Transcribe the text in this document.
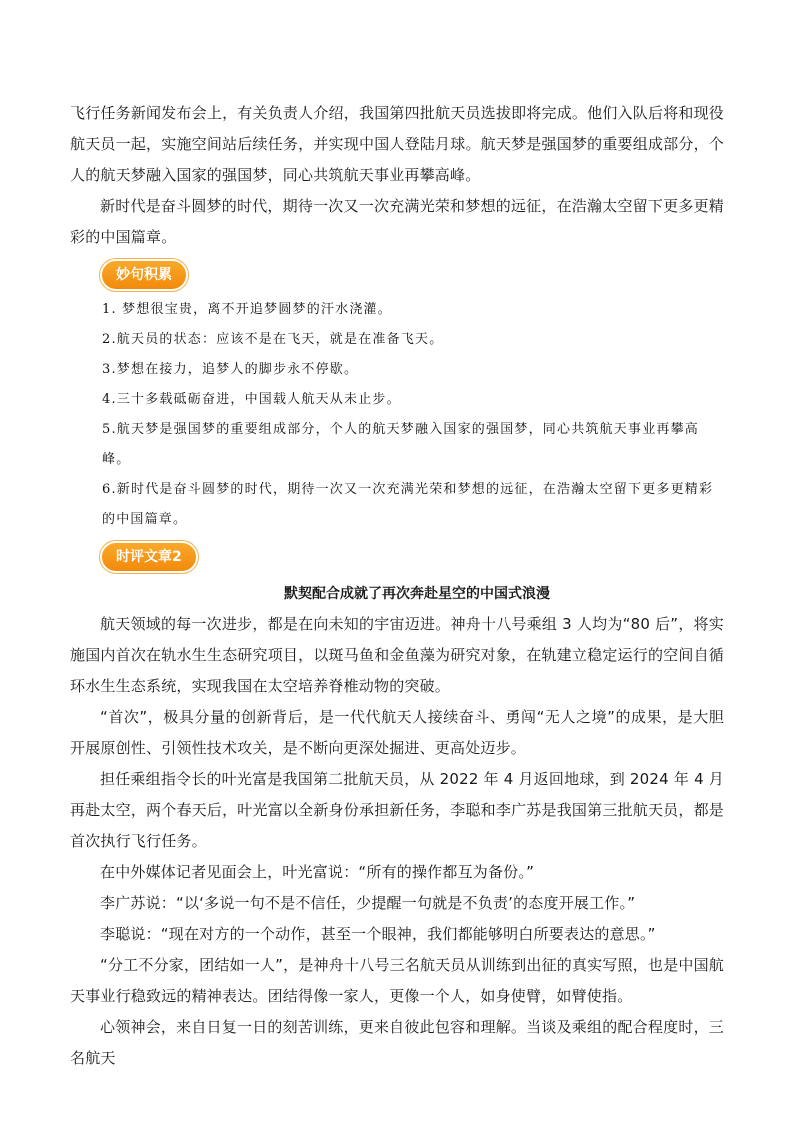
飞行任务新闻发布会上，有关负责人介绍，我国第四批航天员选拔即将完成。他们入队后将和现役航天员一起，实施空间站后续任务，并实现中国人登陆月球。航天梦是强国梦的重要组成部分，个人的航天梦融入国家的强国梦，同心共筑航天事业再攀高峰。

新时代是奋斗圆梦的时代，期待一次又一次充满光荣和梦想的远征，在浩瀚太空留下更多更精彩的中国篇章。

妙句积累
1. 梦想很宝贵，离不开追梦圆梦的汗水浇灌。
2.航天员的状态：应该不是在飞天，就是在准备飞天。
3.梦想在接力，追梦人的脚步永不停歇。
4.三十多载砥砺奋进，中国载人航天从未止步。
5.航天梦是强国梦的重要组成部分，个人的航天梦融入国家的强国梦，同心共筑航天事业再攀高峰。
6.新时代是奋斗圆梦的时代，期待一次又一次充满光荣和梦想的远征，在浩瀚太空留下更多更精彩的中国篇章。
时评文章2
默契配合成就了再次奔赴星空的中国式浪漫

航天领域的每一次进步，都是在向未知的宇宙迈进。神舟十八号乘组 3 人均为“80 后”，将实施国内首次在轨水生生态研究项目，以斑马鱼和金鱼藻为研究对象，在轨建立稳定运行的空间自循环水生生态系统，实现我国在太空培养脊椎动物的突破。

“首次”，极具分量的创新背后，是一代代航天人接续奋斗、勇闯“无人之境”的成果，是大胆开展原创性、引领性技术攻关，是不断向更深处掘进、更高处迈步。

担任乘组指令长的叶光富是我国第二批航天员，从 2022 年 4 月返回地球，到 2024 年 4 月再赴太空，两个春天后，叶光富以全新身份承担新任务，李聪和李广苏是我国第三批航天员，都是首次执行飞行任务。

在中外媒体记者见面会上，叶光富说：“所有的操作都互为备份。”

李广苏说：“以‘多说一句不是不信任，少提醒一句就是不负责’的态度开展工作。”

李聪说：“现在对方的一个动作，甚至一个眼神，我们都能够明白所要表达的意思。”

“分工不分家，团结如一人”，是神舟十八号三名航天员从训练到出征的真实写照，也是中国航天事业行稳致远的精神表达。团结得像一家人，更像一个人，如身使臂，如臂使指。

心领神会，来自日复一日的刻苦训练，更来自彼此包容和理解。当谈及乘组的配合程度时，三名航天
